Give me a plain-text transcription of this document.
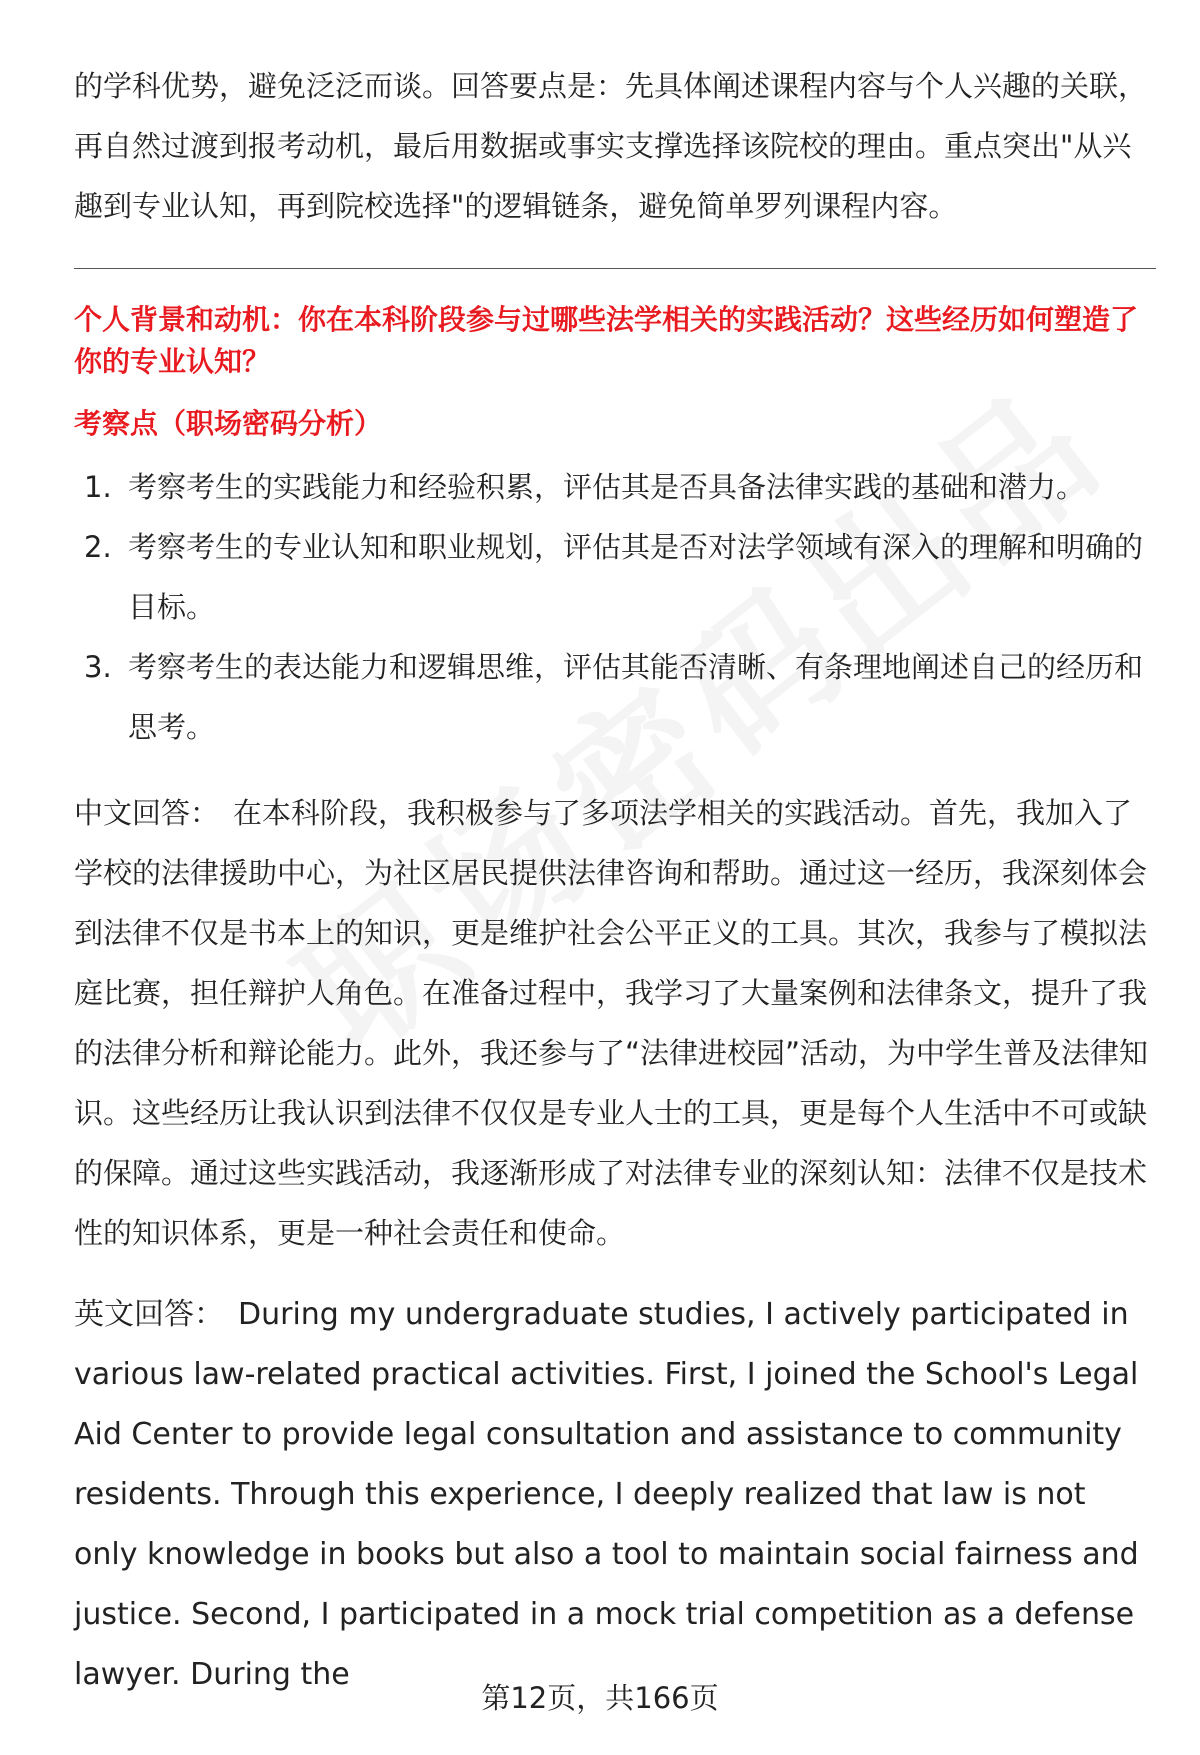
的学科优势，避免泛泛而谈。回答要点是：先具体阐述课程内容与个人兴趣的关联，再自然过渡到报考动机，最后用数据或事实支撑选择该院校的理由。重点突出"从兴趣到专业认知，再到院校选择"的逻辑链条，避免简单罗列课程内容。

个人背景和动机：你在本科阶段参与过哪些法学相关的实践活动？这些经历如何塑造了你的专业认知？

考察点（职场密码分析）

1. 考察考生的实践能力和经验积累，评估其是否具备法律实践的基础和潜力。
2. 考察考生的专业认知和职业规划，评估其是否对法学领域有深入的理解和明确的目标。
3. 考察考生的表达能力和逻辑思维，评估其能否清晰、有条理地阐述自己的经历和思考。

中文回答： 在本科阶段，我积极参与了多项法学相关的实践活动。首先，我加入了学校的法律援助中心，为社区居民提供法律咨询和帮助。通过这一经历，我深刻体会到法律不仅是书本上的知识，更是维护社会公平正义的工具。其次，我参与了模拟法庭比赛，担任辩护人角色。在准备过程中，我学习了大量案例和法律条文，提升了我的法律分析和辩论能力。此外，我还参与了“法律进校园”活动，为中学生普及法律知识。这些经历让我认识到法律不仅仅是专业人士的工具，更是每个人生活中不可或缺的保障。通过这些实践活动，我逐渐形成了对法律专业的深刻认知：法律不仅是技术性的知识体系，更是一种社会责任和使命。

英文回答： During my undergraduate studies, I actively participated in various law-related practical activities. First, I joined the School's Legal Aid Center to provide legal consultation and assistance to community residents. Through this experience, I deeply realized that law is not only knowledge in books but also a tool to maintain social fairness and justice. Second, I participated in a mock trial competition as a defense lawyer. During the

第12页，共166页
